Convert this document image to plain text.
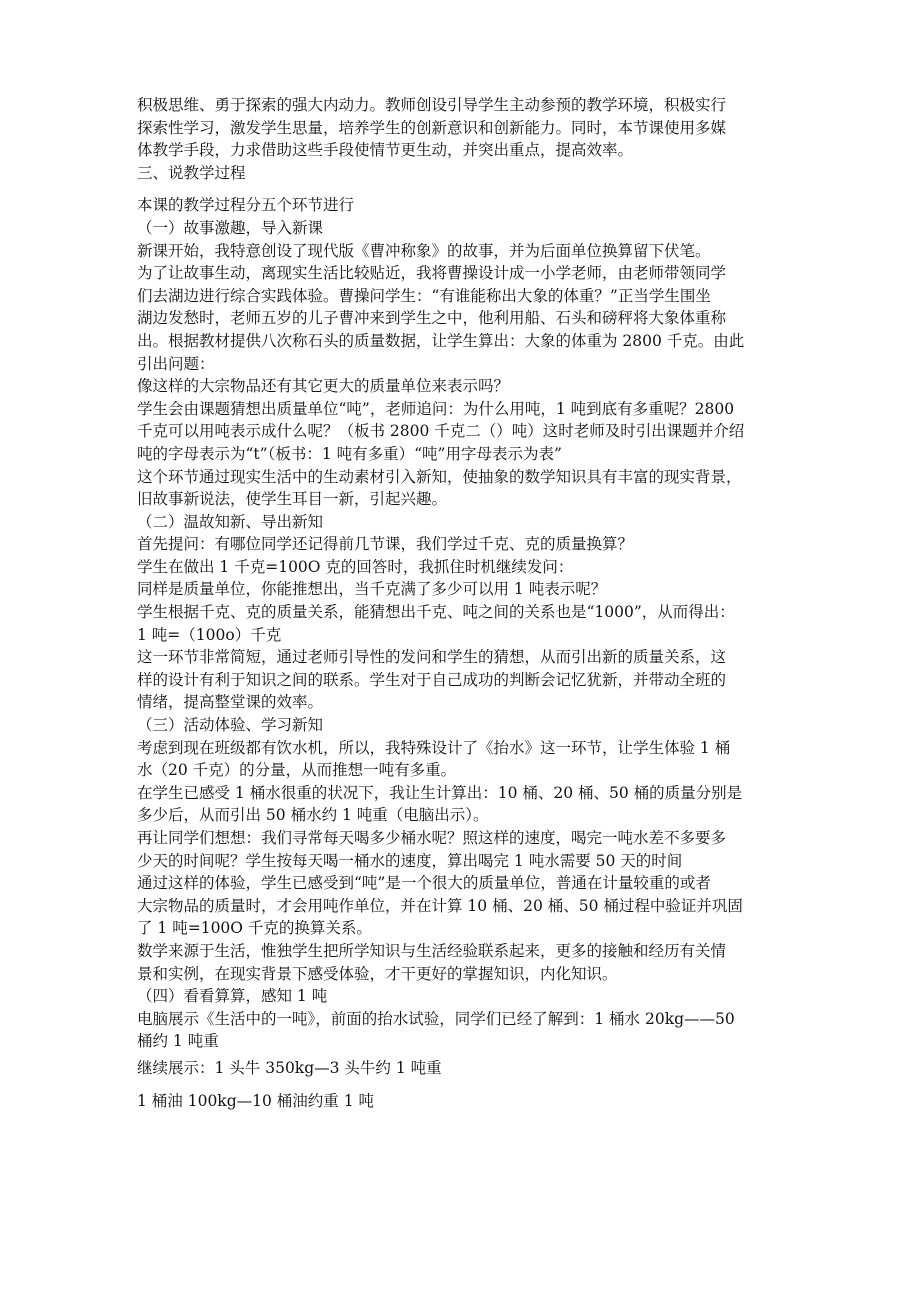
积极思维、勇于探索的强大内动力。教师创设引导学生主动参预的教学环境，积极实行
探索性学习，激发学生思量，培养学生的创新意识和创新能力。同时，本节课使用多媒
体教学手段，力求借助这些手段使情节更生动，并突出重点，提高效率。
三、说教学过程
本课的教学过程分五个环节进行
（一）故事激趣，导入新课
新课开始，我特意创设了现代版《曹冲称象》的故事，并为后面单位换算留下伏笔。
为了让故事生动，离现实生活比较贴近，我将曹操设计成一小学老师，由老师带领同学
们去湖边进行综合实践体验。曹操问学生：“有谁能称出大象的体重？”正当学生围坐
湖边发愁时，老师五岁的儿子曹冲来到学生之中，他利用船、石头和磅秤将大象体重称
出。根据教材提供八次称石头的质量数据，让学生算出：大象的体重为 2800 千克。由此
引出问题：
像这样的大宗物品还有其它更大的质量单位来表示吗？
学生会由课题猜想出质量单位“吨”，老师追问：为什么用吨，1 吨到底有多重呢？2800
千克可以用吨表示成什么呢？（板书 2800 千克二（）吨）这时老师及时引出课题并介绍
吨的字母表示为“t”（板书：1 吨有多重）“吨”用字母表示为表”
这个环节通过现实生活中的生动素材引入新知，使抽象的数学知识具有丰富的现实背景，
旧故事新说法，使学生耳目一新，引起兴趣。
（二）温故知新、导出新知
首先提问：有哪位同学还记得前几节课，我们学过千克、克的质量换算？
学生在做出 1 千克=100O 克的回答时，我抓住时机继续发问：
同样是质量单位，你能推想出，当千克满了多少可以用 1 吨表示呢？
学生根据千克、克的质量关系，能猜想出千克、吨之间的关系也是“1000”，从而得出：
1 吨=（100o）千克
这一环节非常简短，通过老师引导性的发问和学生的猜想，从而引出新的质量关系，这
样的设计有利于知识之间的联系。学生对于自己成功的判断会记忆犹新，并带动全班的
情绪，提高整堂课的效率。
（三）活动体验、学习新知
考虑到现在班级都有饮水机，所以，我特殊设计了《抬水》这一环节，让学生体验 1 桶
水（20 千克）的分量，从而推想一吨有多重。
在学生已感受 1 桶水很重的状况下，我让生计算出：10 桶、20 桶、50 桶的质量分别是
多少后，从而引出 50 桶水约 1 吨重（电脑出示）。
再让同学们想想：我们寻常每天喝多少桶水呢？照这样的速度，喝完一吨水差不多要多
少天的时间呢？学生按每天喝一桶水的速度，算出喝完 1 吨水需要 50 天的时间
通过这样的体验，学生已感受到“吨”是一个很大的质量单位，普通在计量较重的或者
大宗物品的质量时，才会用吨作单位，并在计算 10 桶、20 桶、50 桶过程中验证并巩固
了 1 吨=100O 千克的换算关系。
数学来源于生活，惟独学生把所学知识与生活经验联系起来，更多的接触和经历有关情
景和实例，在现实背景下感受体验，才干更好的掌握知识，内化知识。
（四）看看算算，感知 1 吨
电脑展示《生活中的一吨》，前面的抬水试验，同学们已经了解到：1 桶水 20kg——50
桶约 1 吨重
继续展示：1 头牛 350kg—3 头牛约 1 吨重
1 桶油 100kg—10 桶油约重 1 吨
